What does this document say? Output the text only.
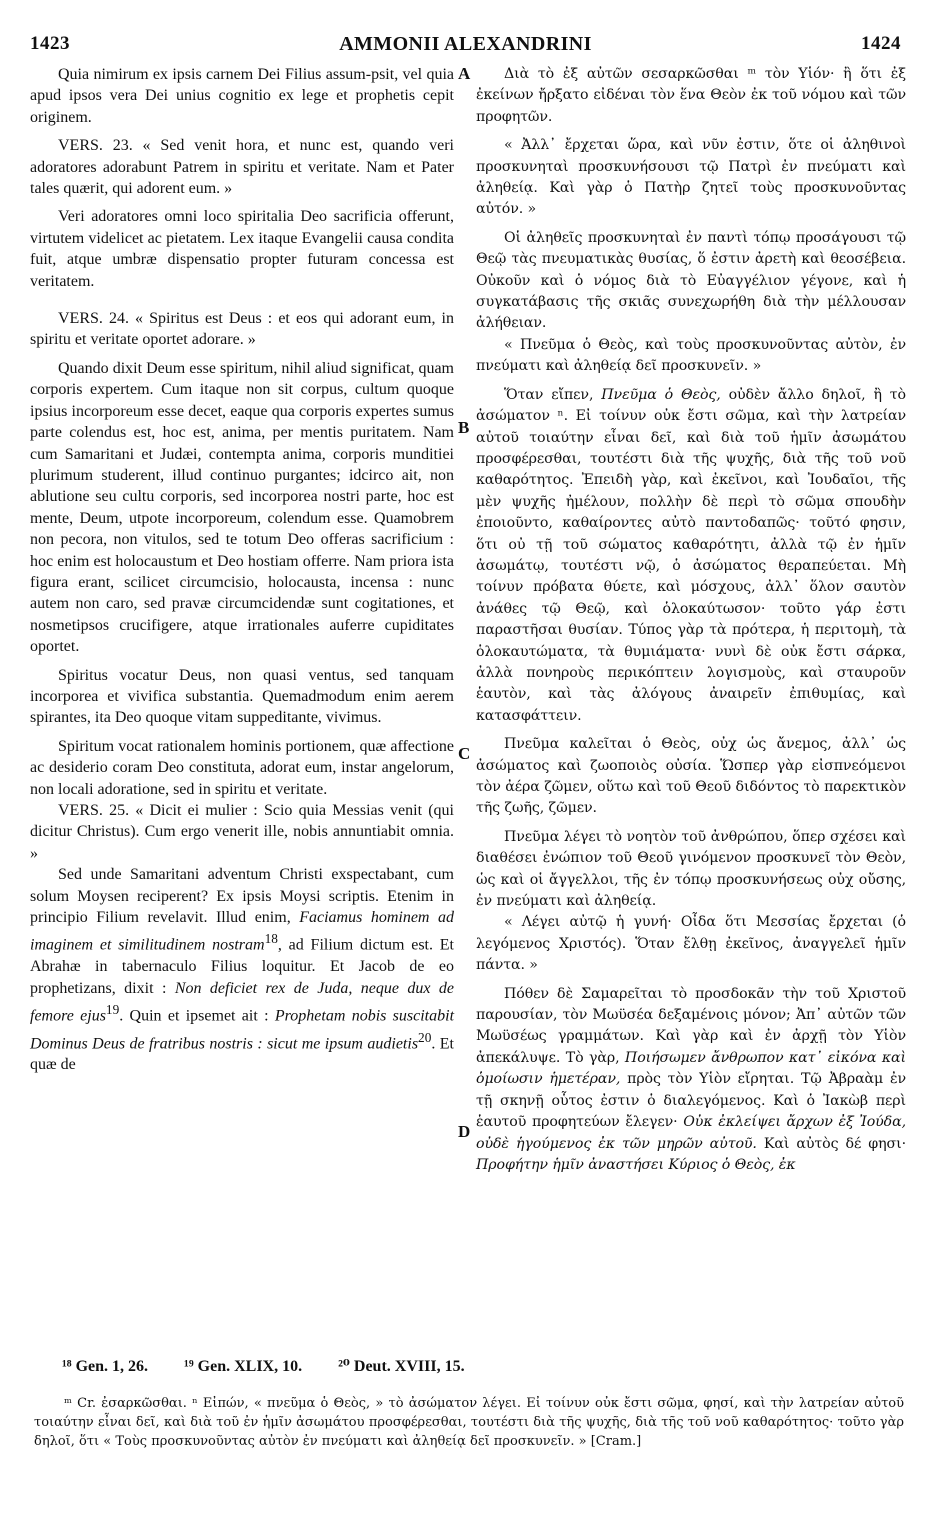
1423	AMMONII ALEXANDRINI	1424

Quia nimirum ex ipsis carnem Dei Filius assum-psit, vel quia apud ipsos vera Dei unius cognitio ex lege et prophetis cepit originem.

VERS. 23. « Sed venit hora, et nunc est, quando veri adoratores adorabunt Patrem in spiritu et veritate. Nam et Pater tales quærit, qui adorent eum. »

Veri adoratores omni loco spiritalia Deo sacrificia offerunt, virtutem videlicet ac pietatem. Lex itaque Evangelii causa condita fuit, atque umbræ dispensatio propter futuram concessa est veritatem.

VERS. 24. « Spiritus est Deus : et eos qui adorant eum, in spiritu et veritate oportet adorare. »

Quando dixit Deum esse spiritum, nihil aliud significat, quam corporis expertem. Cum itaque non sit corpus, cultum quoque ipsius incorporeum esse decet, eaque qua corporis expertes sumus parte colendus est, hoc est, anima, per mentis puritatem. Nam cum Samaritani et Judæi, contempta anima, corporis munditiei plurimum studerent, illud continuo purgantes; idcirco ait, non ablutione seu cultu corporis, sed incorporea nostri parte, hoc est mente, Deum, utpote incorporeum, colendum esse. Quamobrem non pecora, non vitulos, sed te totum Deo offeras sacrificium : hoc enim est holocaustum et Deo hostiam offerre. Nam priora ista figura erant, scilicet circumcisio, holocausta, incensa : nunc autem non caro, sed pravæ circumcidendæ sunt cogitationes, et nosmetipsos crucifigere, atque irrationales auferre cupiditates oportet.

Spiritus vocatur Deus, non quasi ventus, sed tanquam incorporea et vivifica substantia. Quemadmodum enim aerem spirantes, ita Deo quoque vitam suppeditante, vivimus.

Spiritum vocat rationalem hominis portionem, quæ affectione ac desiderio coram Deo constituta, adorat eum, instar angelorum, non locali adoratione, sed in spiritu et veritate.

VERS. 25. « Dicit ei mulier : Scio quia Messias venit (qui dicitur Christus). Cum ergo venerit ille, nobis annuntiabit omnia. »

Sed unde Samaritani adventum Christi exspectabant, cum solum Moysen reciperent? Ex ipsis Moysi scriptis. Etenim in principio Filium revelavit. Illud enim, Faciamus hominem ad imaginem et similitudinem nostram$^{18}$, ad Filium dictum est. Et Abrahæ in tabernaculo Filius loquitur. Et Jacob de eo prophetizans, dixit : Non deficiet rex de Juda, neque dux de femore ejus$^{19}$. Quin et ipsemet ait : Prophetam nobis suscitabit Dominus Deus de fratribus nostris : sicut me ipsum audietis$^{20}$. Et quæ de

A
B
C
D

Διὰ τὸ ἐξ αὐτῶν σεσαρκῶσθαι ᵐ τὸν Υἱόν· ἢ ὅτι ἐξ ἐκείνων ἤρξατο εἰδέναι τὸν ἕνα Θεὸν ἐκ τοῦ νόμου καὶ τῶν προφητῶν.

« Ἀλλ᾽ ἔρχεται ὥρα, καὶ νῦν ἐστιν, ὅτε οἱ ἀληθινοὶ προσκυνηταὶ προσκυνήσουσι τῷ Πατρὶ ἐν πνεύματι καὶ ἀληθείᾳ. Καὶ γὰρ ὁ Πατὴρ ζητεῖ τοὺς προσκυνοῦντας αὐτόν. »

Οἱ ἀληθεῖς προσκυνηταὶ ἐν παντὶ τόπῳ προσάγουσι τῷ Θεῷ τὰς πνευματικὰς θυσίας, ὅ ἐστιν ἀρετὴ καὶ θεοσέβεια. Οὐκοῦν καὶ ὁ νόμος διὰ τὸ Εὐαγγέλιον γέγονε, καὶ ἡ συγκατάβασις τῆς σκιᾶς συνεχωρήθη διὰ τὴν μέλλουσαν ἀλήθειαν.

« Πνεῦμα ὁ Θεὸς, καὶ τοὺς προσκυνοῦντας αὐτὸν, ἐν πνεύματι καὶ ἀληθείᾳ δεῖ προσκυνεῖν. »

Ὅταν εἴπεν, Πνεῦμα ὁ Θεὸς, οὐδὲν ἄλλο δηλοῖ, ἢ τὸ ἀσώματον ⁿ. Εἰ τοίνυν οὐκ ἔστι σῶμα, καὶ τὴν λατρείαν αὐτοῦ τοιαύτην εἶναι δεῖ, καὶ διὰ τοῦ ἡμῖν ἀσωμάτου προσφέρεσθαι, τουτέστι διὰ τῆς ψυχῆς, διὰ τῆς τοῦ νοῦ καθαρότητος. Ἐπειδὴ γὰρ, καὶ ἐκεῖνοι, καὶ Ἰουδαῖοι, τῆς μὲν ψυχῆς ἠμέλουν, πολλὴν δὲ περὶ τὸ σῶμα σπουδὴν ἐποιοῦντο, καθαίροντες αὐτὸ παντοδαπῶς· τοῦτό φησιν, ὅτι οὐ τῇ τοῦ σώματος καθαρότητι, ἀλλὰ τῷ ἐν ἡμῖν ἀσωμάτῳ, τουτέστι νῷ, ὁ ἀσώματος θεραπεύεται. Μὴ τοίνυν πρόβατα θύετε, καὶ μόσχους, ἀλλ᾽ ὅλον σαυτὸν ἀνάθες τῷ Θεῷ, καὶ ὁλοκαύτωσον· τοῦτο γάρ ἐστι παραστῆσαι θυσίαν. Τύπος γὰρ τὰ πρότερα, ἡ περιτομὴ, τὰ ὁλοκαυτώματα, τὰ θυμιάματα· νυνὶ δὲ οὐκ ἔστι σάρκα, ἀλλὰ πονηροὺς περικόπτειν λογισμοὺς, καὶ σταυροῦν ἑαυτὸν, καὶ τὰς ἀλόγους ἀναιρεῖν ἐπιθυμίας, καὶ κατασφάττειν.

Πνεῦμα καλεῖται ὁ Θεὸς, οὐχ ὡς ἄνεμος, ἀλλ᾽ ὡς ἀσώματος καὶ ζωοποιὸς οὐσία. Ὥσπερ γὰρ εἰσπνεόμενοι τὸν ἀέρα ζῶμεν, οὕτω καὶ τοῦ Θεοῦ διδόντος τὸ παρεκτικὸν τῆς ζωῆς, ζῶμεν.

Πνεῦμα λέγει τὸ νοητὸν τοῦ ἀνθρώπου, ὅπερ σχέσει καὶ διαθέσει ἐνώπιον τοῦ Θεοῦ γινόμενον προσκυνεῖ τὸν Θεὸν, ὡς καὶ οἱ ἄγγελλοι, τῆς ἐν τόπῳ προσκυνήσεως οὐχ οὔσης, ἐν πνεύματι καὶ ἀληθείᾳ.

« Λέγει αὐτῷ ἡ γυνή· Οἶδα ὅτι Μεσσίας ἔρχεται (ὁ λεγόμενος Χριστός). Ὅταν ἔλθῃ ἐκεῖνος, ἀναγγελεῖ ἡμῖν πάντα. »

Πόθεν δὲ Σαμαρεῖται τὸ προσδοκᾶν τὴν τοῦ Χριστοῦ παρουσίαν, τὸν Μωϋσέα δεξαμένοις μόνον; Ἀπ᾽ αὐτῶν τῶν Μωϋσέως γραμμάτων. Καὶ γὰρ καὶ ἐν ἀρχῇ τὸν Υἱὸν ἀπεκάλυψε. Τὸ γὰρ, Ποιήσωμεν ἄνθρωπον κατ᾽ εἰκόνα καὶ ὁμοίωσιν ἡμετέραν, πρὸς τὸν Υἱὸν εἴρηται. Τῷ Ἀβραὰμ ἐν τῇ σκηνῇ οὗτος ἐστιν ὁ διαλεγόμενος. Καὶ ὁ Ἰακὼβ περὶ ἑαυτοῦ προφητεύων ἔλεγεν· Οὐκ ἐκλείψει ἄρχων ἐξ Ἰούδα, οὐδὲ ἡγούμενος ἐκ τῶν μηρῶν αὐτοῦ. Καὶ αὐτὸς δέ φησι· Προφήτην ἡμῖν ἀναστήσει Κύριος ὁ Θεὸς, ἐκ

¹⁸ Gen. 1, 26. ¹⁹ Gen. XLIX, 10. ²⁰ Deut. XVIII, 15.

ᵐ Cr. ἐσαρκῶσθαι. ⁿ Εἰπών, « πνεῦμα ὁ Θεὸς, » τὸ ἀσώματον λέγει. Εἰ τοίνυν οὐκ ἔστι σῶμα, φησί, καὶ τὴν λατρείαν αὐτοῦ τοιαύτην εἶναι δεῖ, καὶ διὰ τοῦ ἐν ἡμῖν ἀσωμάτου προσφέρεσθαι, τουτέστι διὰ τῆς ψυχῆς, διὰ τῆς τοῦ νοῦ καθαρότητος· τοῦτο γὰρ δηλοῖ, ὅτι « Τοὺς προσκυνοῦντας αὐτὸν ἐν πνεύματι καὶ ἀληθείᾳ δεῖ προσκυνεῖν. » [Cram.]
